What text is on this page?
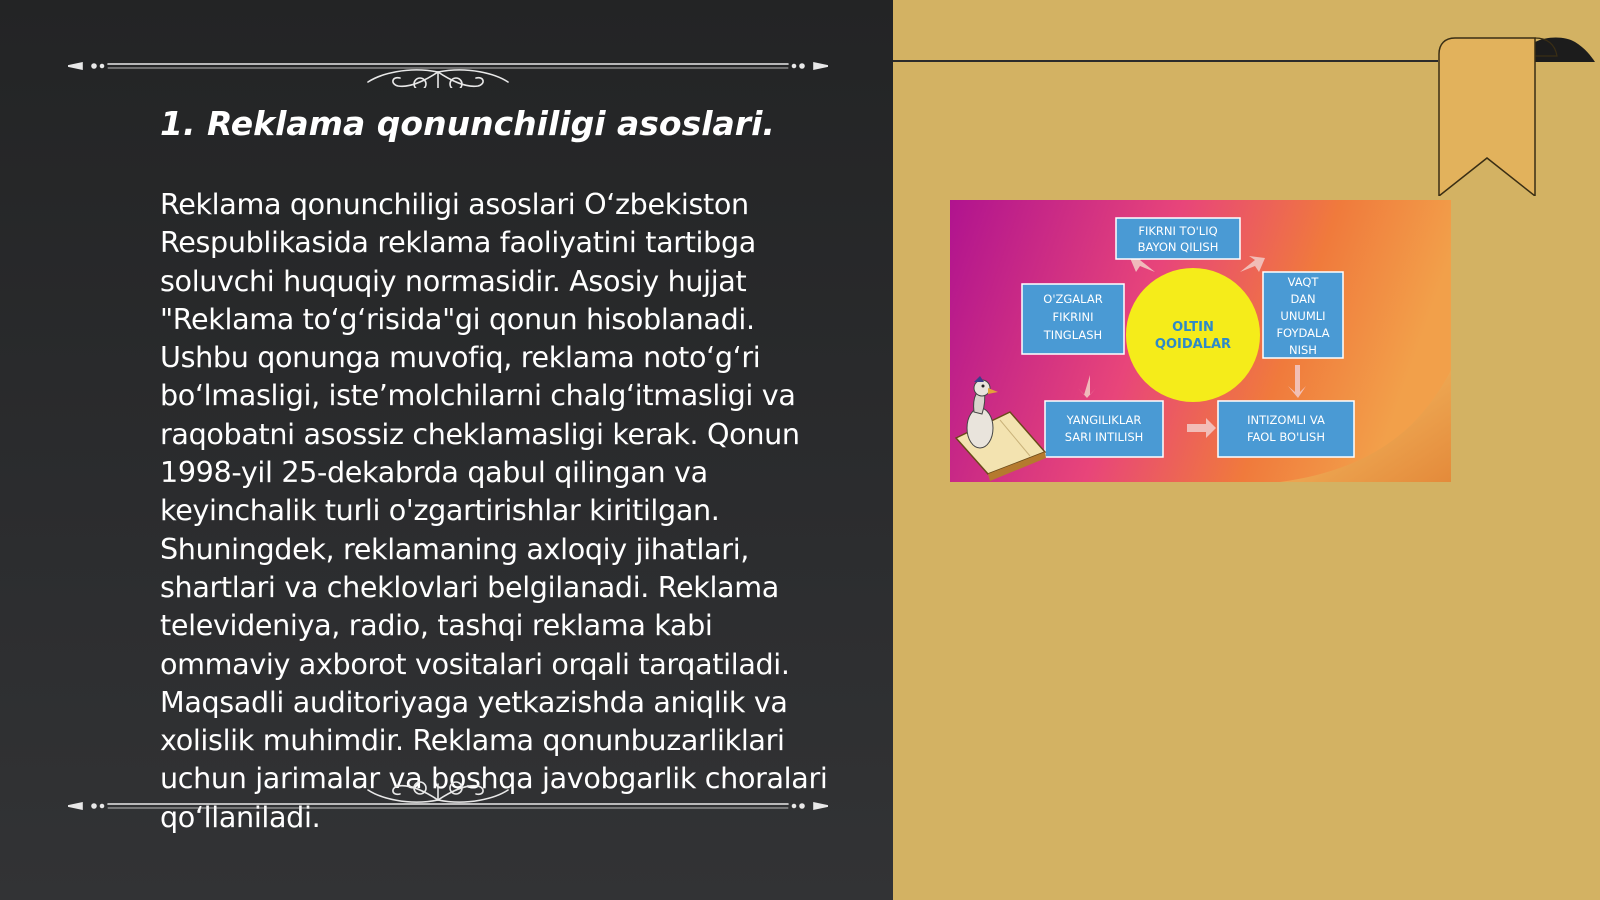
1. Reklama qonunchiligi asoslari.

Reklama qonunchiligi asoslari O‘zbekiston Respublikasida reklama faoliyatini tartibga soluvchi huquqiy normasidir. Asosiy hujjat "Reklama to‘g‘risida"gi qonun hisoblanadi. Ushbu qonunga muvofiq, reklama noto‘g‘ri bo‘lmasligi, iste’molchilarni chalg‘itmasligi va raqobatni asossiz cheklamasligi kerak. Qonun 1998-yil 25-dekabrda qabul qilingan va keyinchalik turli o'zgartirishlar kiritilgan. Shuningdek, reklamaning axloqiy jihatlari, shartlari va cheklovlari belgilanadi. Reklama televideniya, radio, tashqi reklama kabi ommaviy axborot vositalari orqali tarqatiladi. Maqsadli auditoriyaga yetkazishda aniqlik va xolislik muhimdir. Reklama qonunbuzarliklari uchun jarimalar va boshqa javobgarlik choralari qo‘llaniladi.

OLTIN
QOIDALAR
FIKRNI TO'LIQ
BAYON QILISH
O'ZGALAR
FIKRINI
TINGLASH
VAQT
DAN
UNUMLI
FOYDALA
NISH
YANGILIKLAR
SARI INTILISH
INTIZOMLI VA
FAOL BO'LISH
